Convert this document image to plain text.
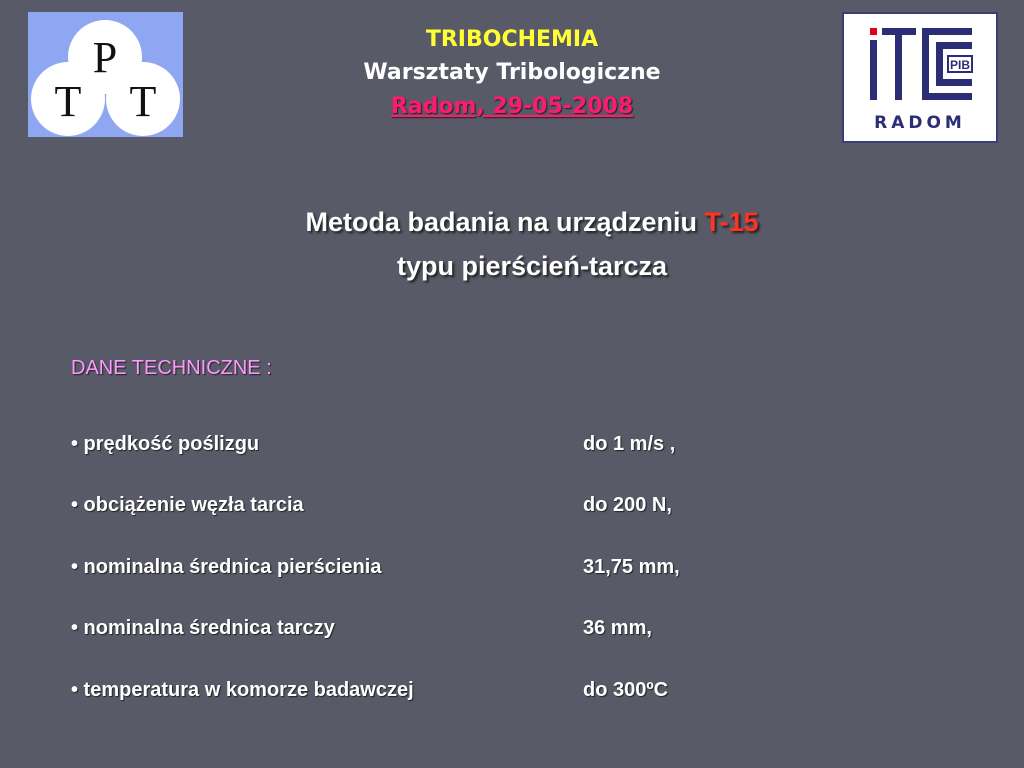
P
T T
TRIBOCHEMIA
Warsztaty Tribologiczne
Radom, 29-05-2008
PIB
RADOM
Metoda badania na urządzeniu T-15
typu pierścień-tarcza
DANE TECHNICZNE :
• prędkość poślizgu	do 1 m/s ,
• obciążenie węzła tarcia	do 200 N,
• nominalna średnica pierścienia	31,75 mm,
• nominalna średnica tarczy	36 mm,
• temperatura w komorze badawczej	do 300ºC
